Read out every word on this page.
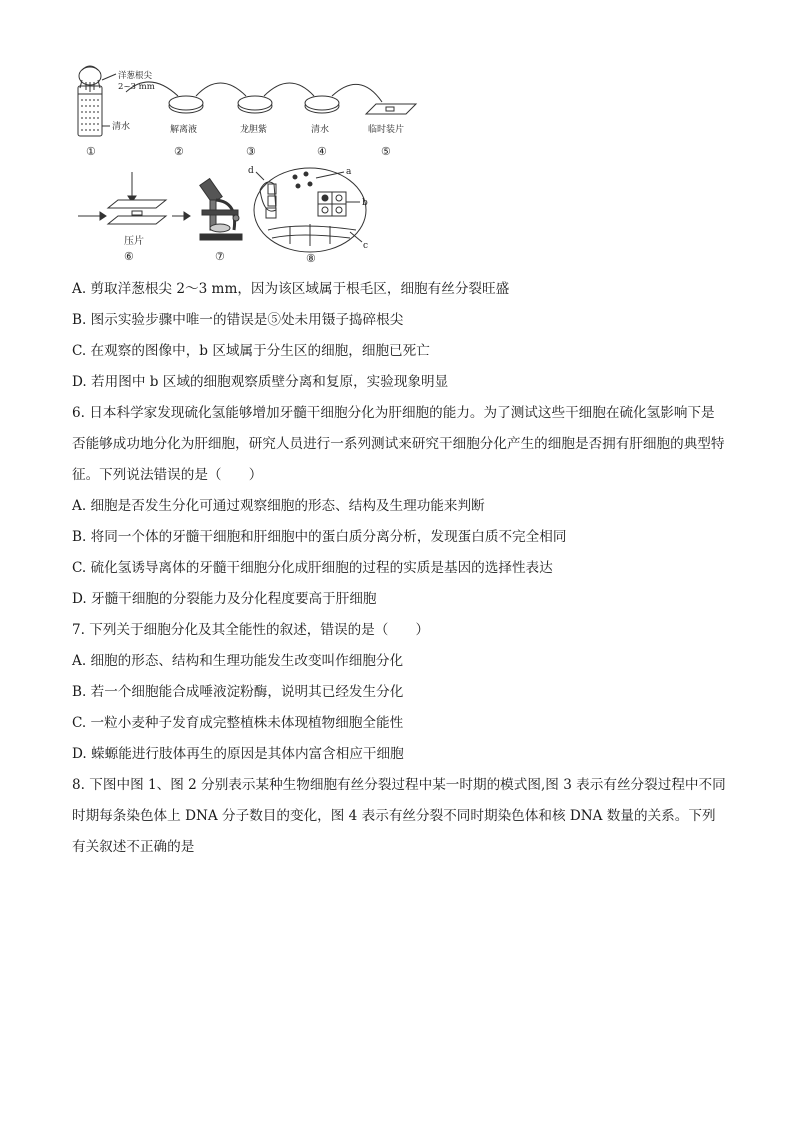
洋葱根尖
2~3 mm
清水	解离液	龙胆紫	清水	临时装片
①	②	③	④	⑤
压片
a
b
c
d
⑥	⑦	⑧
A. 剪取洋葱根尖 2～3 mm，因为该区域属于根毛区，细胞有丝分裂旺盛
B. 图示实验步骤中唯一的错误是⑤处未用镊子捣碎根尖
C. 在观察的图像中，b 区域属于分生区的细胞，细胞已死亡
D. 若用图中 b 区域的细胞观察质壁分离和复原，实验现象明显
6. 日本科学家发现硫化氢能够增加牙髓干细胞分化为肝细胞的能力。为了测试这些干细胞在硫化氢影响下是否能够成功地分化为肝细胞，研究人员进行一系列测试来研究干细胞分化产生的细胞是否拥有肝细胞的典型特征。下列说法错误的是（　　）
A. 细胞是否发生分化可通过观察细胞的形态、结构及生理功能来判断
B. 将同一个体的牙髓干细胞和肝细胞中的蛋白质分离分析，发现蛋白质不完全相同
C. 硫化氢诱导离体的牙髓干细胞分化成肝细胞的过程的实质是基因的选择性表达
D. 牙髓干细胞的分裂能力及分化程度要高于肝细胞
7. 下列关于细胞分化及其全能性的叙述，错误的是（　　）
A. 细胞的形态、结构和生理功能发生改变叫作细胞分化
B. 若一个细胞能合成唾液淀粉酶，说明其已经发生分化
C. 一粒小麦种子发育成完整植株未体现植物细胞全能性
D. 蝾螈能进行肢体再生的原因是其体内富含相应干细胞
8. 下图中图 1、图 2 分别表示某种生物细胞有丝分裂过程中某一时期的模式图,图 3 表示有丝分裂过程中不同时期每条染色体上 DNA 分子数目的变化，图 4 表示有丝分裂不同时期染色体和核 DNA 数量的关系。下列有关叙述不正确的是
